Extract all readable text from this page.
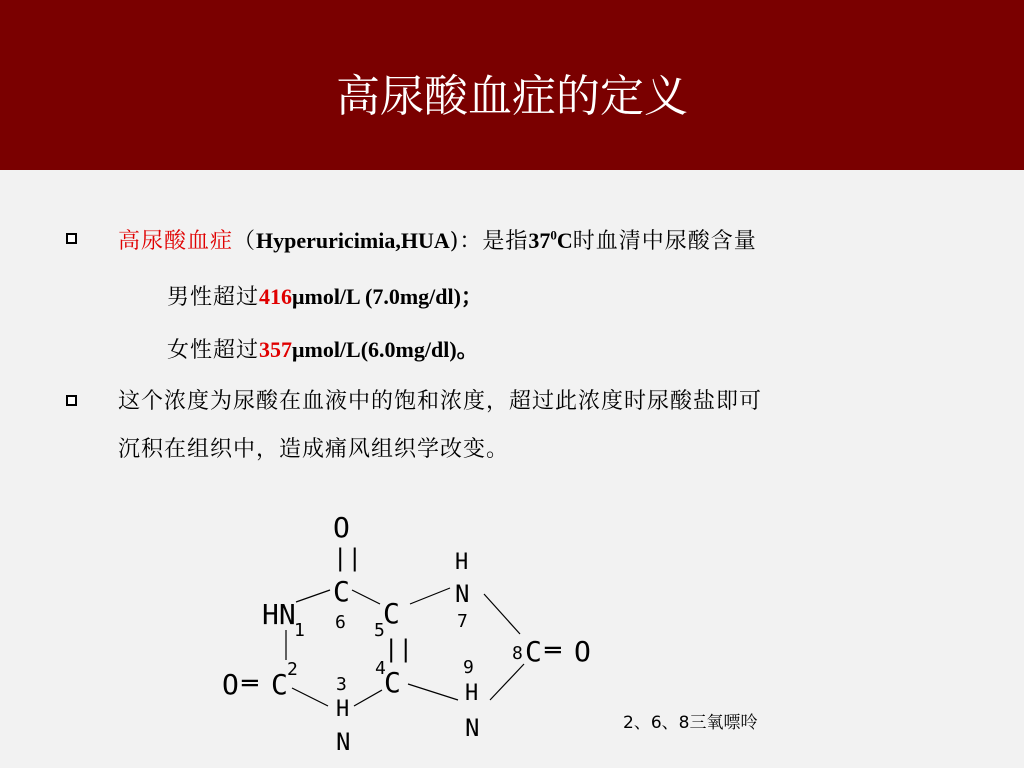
高尿酸血症的定义
高尿酸血症（Hyperuricimia,HUA)：是指$37^0C$时血清中尿酸含量
男性超过416μmol/L (7.0mg/dl)；
女性超过357μmol/L(6.0mg/dl)。
这个浓度为尿酸在血液中的饱和浓度，超过此浓度时尿酸盐即可
沉积在组织中，造成痛风组织学改变。
O
||
C
6
HN
1
C
5
H
N
7
8 C ═ O
O ═ C 2	C
4
||
3
H
N
9
H
N	2、6、8三氧嘌呤
